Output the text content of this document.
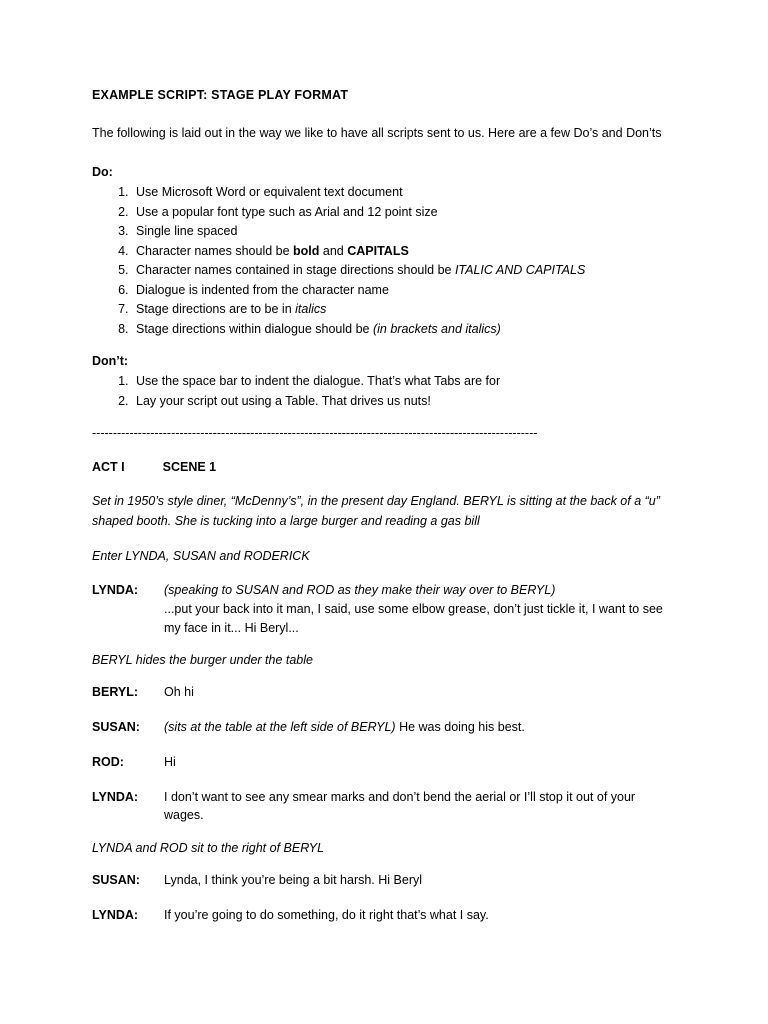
EXAMPLE SCRIPT: STAGE PLAY FORMAT

The following is laid out in the way we like to have all scripts sent to us. Here are a few Do’s and Don’ts

Do:
1. Use Microsoft Word or equivalent text document
2. Use a popular font type such as Arial and 12 point size
3. Single line spaced
4. Character names should be bold and CAPITALS
5. Character names contained in stage directions should be ITALIC AND CAPITALS
6. Dialogue is indented from the character name
7. Stage directions are to be in italics
8. Stage directions within dialogue should be (in brackets and italics)
Don’t:
1. Use the space bar to indent the dialogue. That’s what Tabs are for
2. Lay your script out using a Table. That drives us nuts!
-----------------------------------------------------------------------------------------------------------
ACT I	SCENE 1
Set in 1950’s style diner, “McDenny’s”, in the present day England. BERYL is sitting at the back of a “u” shaped booth. She is tucking into a large burger and reading a gas bill
Enter LYNDA, SUSAN and RODERICK
LYNDA:	(speaking to SUSAN and ROD as they make their way over to BERYL)

...put your back into it man, I said, use some elbow grease, don’t just tickle it, I want to see my face in it... Hi Beryl...

BERYL hides the burger under the table
BERYL:	Oh hi

SUSAN:	(sits at the table at the left side of BERYL) He was doing his best.

ROD:	Hi

LYNDA:	I don’t want to see any smear marks and don’t bend the aerial or I’ll stop it out of your wages.

LYNDA and ROD sit to the right of BERYL
SUSAN:	Lynda, I think you’re being a bit harsh. Hi Beryl

LYNDA:	If you’re going to do something, do it right that’s what I say.
